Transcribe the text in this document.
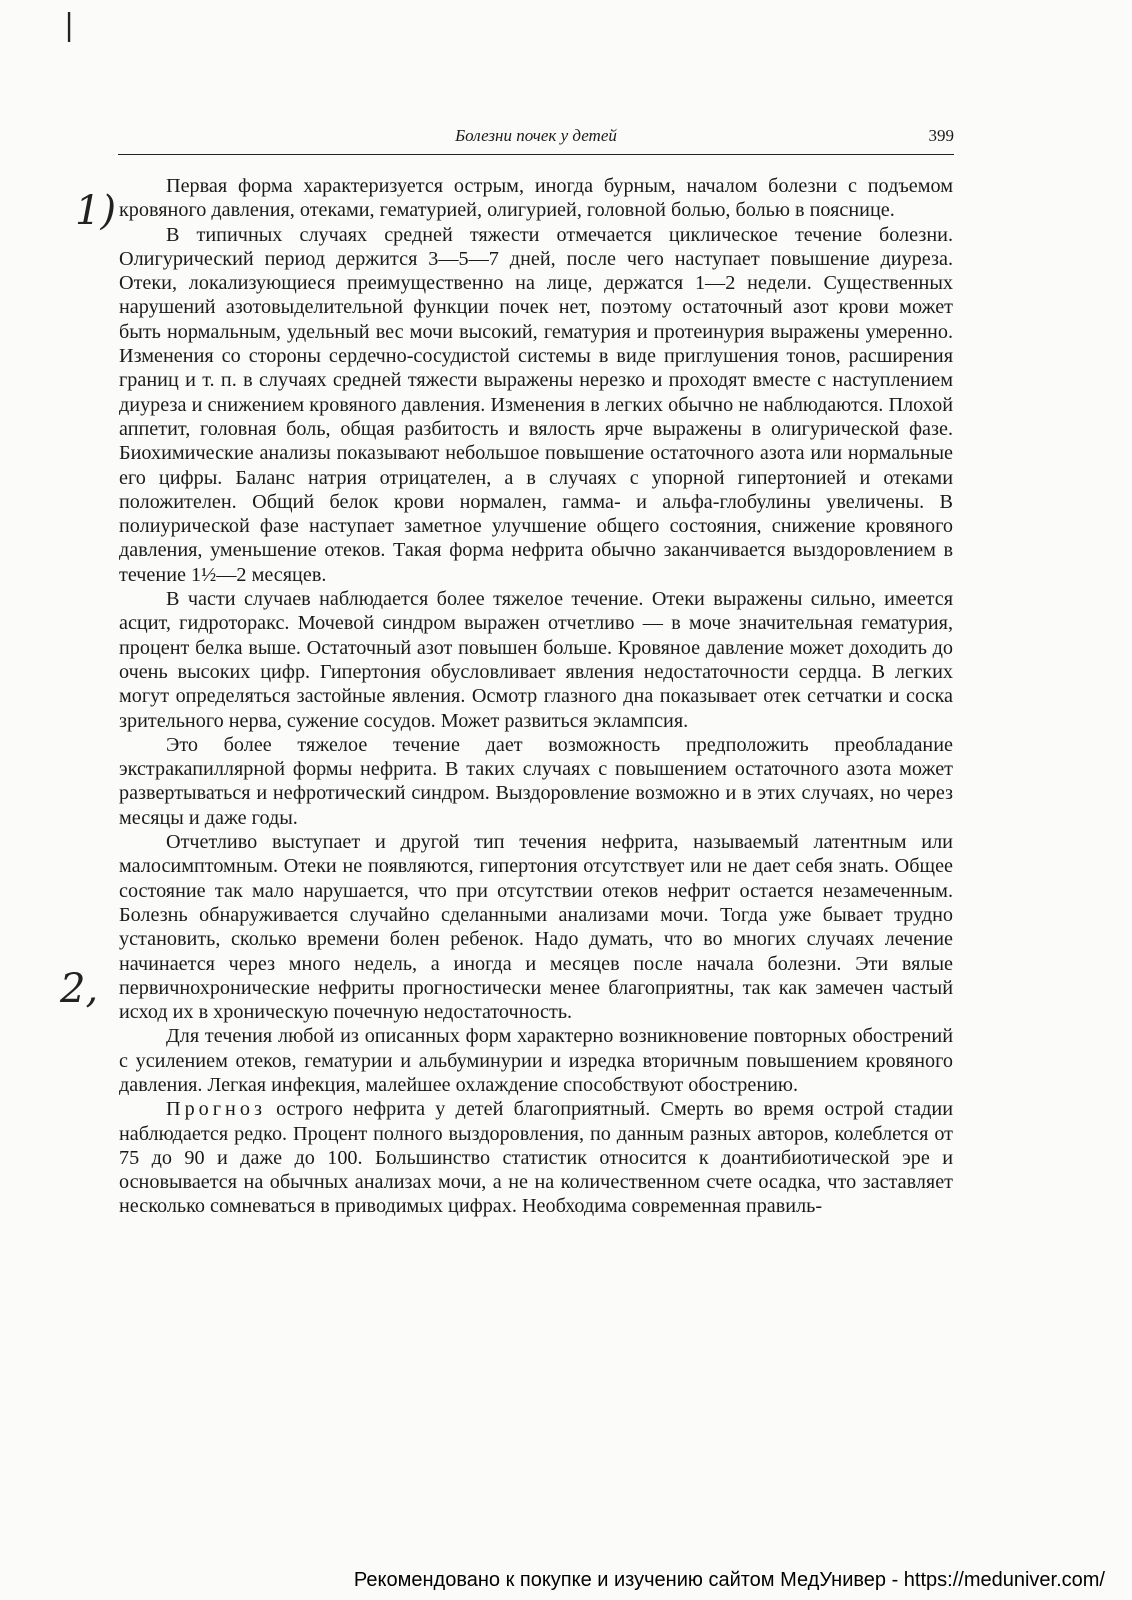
|
Болезни почек у детей	399
1)
2,

Первая форма характеризуется острым, иногда бурным, началом болезни с подъемом кровяного давления, отеками, гематурией, олигурией, головной болью, болью в пояснице.

В типичных случаях средней тяжести отмечается циклическое течение болезни. Олигурический период держится 3—5—7 дней, после чего наступает повышение диуреза. Отеки, локализующиеся преимущественно на лице, держатся 1—2 недели. Существенных нарушений азотовыделительной функции почек нет, поэтому остаточный азот крови может быть нормальным, удельный вес мочи высокий, гематурия и протеинурия выражены умеренно. Изменения со стороны сердечно-сосудистой системы в виде приглушения тонов, расширения границ и т. п. в случаях средней тяжести выражены нерезко и проходят вместе с наступлением диуреза и снижением кровяного давления. Изменения в легких обычно не наблюдаются. Плохой аппетит, головная боль, общая разбитость и вялость ярче выражены в олигурической фазе. Биохимические анализы показывают небольшое повышение остаточного азота или нормальные его цифры. Баланс натрия отрицателен, а в случаях с упорной гипертонией и отеками положителен. Общий белок крови нормален, гамма- и альфа-глобулины увеличены. В полиурической фазе наступает заметное улучшение общего состояния, снижение кровяного давления, уменьшение отеков. Такая форма нефрита обычно заканчивается выздоровлением в течение 1½—2 месяцев.

В части случаев наблюдается более тяжелое течение. Отеки выражены сильно, имеется асцит, гидроторакс. Мочевой синдром выражен отчетливо — в моче значительная гематурия, процент белка выше. Остаточный азот повышен больше. Кровяное давление может доходить до очень высоких цифр. Гипертония обусловливает явления недостаточности сердца. В легких могут определяться застойные явления. Осмотр глазного дна показывает отек сетчатки и соска зрительного нерва, сужение сосудов. Может развиться эклампсия.

Это более тяжелое течение дает возможность предположить преобладание экстракапиллярной формы нефрита. В таких случаях с повышением остаточного азота может развертываться и нефротический синдром. Выздоровление возможно и в этих случаях, но через месяцы и даже годы.

Отчетливо выступает и другой тип течения нефрита, называемый латентным или малосимптомным. Отеки не появляются, гипертония отсутствует или не дает себя знать. Общее состояние так мало нарушается, что при отсутствии отеков нефрит остается незамеченным. Болезнь обнаруживается случайно сделанными анализами мочи. Тогда уже бывает трудно установить, сколько времени болен ребенок. Надо думать, что во многих случаях лечение начинается через много недель, а иногда и месяцев после начала болезни. Эти вялые первичнохронические нефриты прогностически менее благоприятны, так как замечен частый исход их в хроническую почечную недостаточность.

Для течения любой из описанных форм характерно возникновение повторных обострений с усилением отеков, гематурии и альбуминурии и изредка вторичным повышением кровяного давления. Легкая инфекция, малейшее охлаждение способствуют обострению.

Прогноз острого нефрита у детей благоприятный. Смерть во время острой стадии наблюдается редко. Процент полного выздоровления, по данным разных авторов, колеблется от 75 до 90 и даже до 100. Большинство статистик относится к доантибиотической эре и основывается на обычных анализах мочи, а не на количественном счете осадка, что заставляет несколько сомневаться в приводимых цифрах. Необходима современная правиль-

Рекомендовано к покупке и изучению сайтом МедУнивер - https://meduniver.com/
